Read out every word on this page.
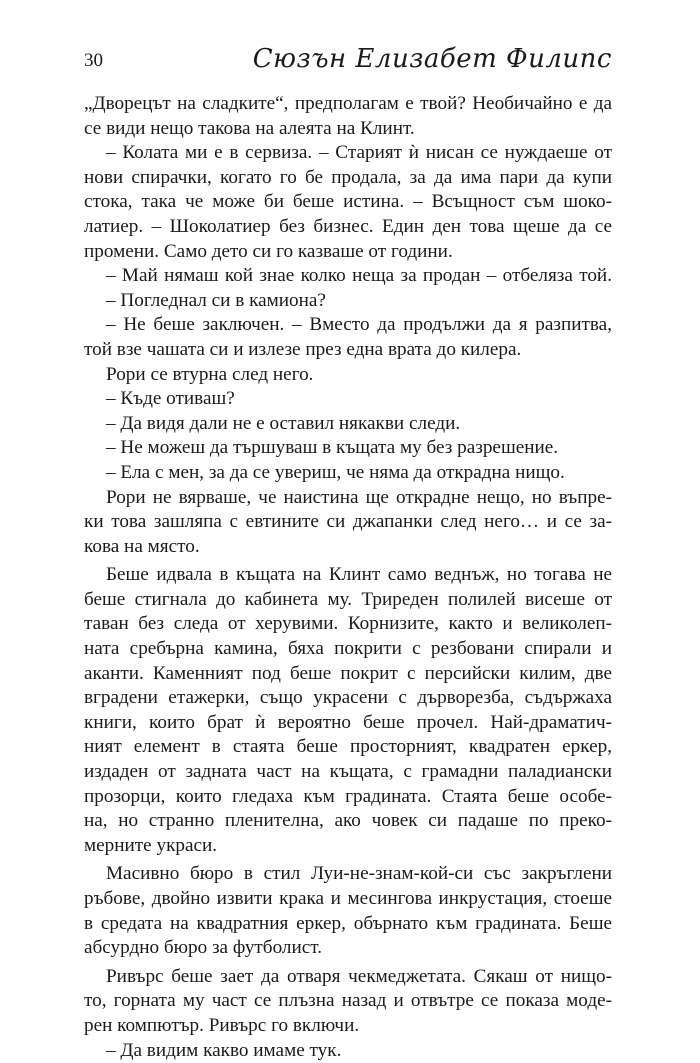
30	Сюзън Елизабет Филипс
„Дворецът на сладките“, предполагам е твой? Необичайно е да
се види нещо такова на алеята на Клинт.
– Колата ми е в сервиза. – Старият ѝ нисан се нуждаеше от
нови спирачки, когато го бе продала, за да има пари да купи
стока, така че може би беше истина. – Всъщност съм шоко-
латиер. – Шоколатиер без бизнес. Един ден това щеше да се
промени. Само дето си го казваше от години.
– Май нямаш кой знае колко неща за продан – отбеляза той.
– Погледнал си в камиона?
– Не беше заключен. – Вместо да продължи да я разпитва,
той взе чашата си и излезе през една врата до килера.
Рори се втурна след него.
– Къде отиваш?
– Да видя дали не е оставил някакви следи.
– Не можеш да тършуваш в къщата му без разрешение.
– Ела с мен, за да се увериш, че няма да открадна нищо.
Рори не вярваше, че наистина ще открадне нещо, но въпре-
ки това зашляпа с евтините си джапанки след него… и се за-
кова на място.
Беше идвала в къщата на Клинт само веднъж, но тогава не
беше стигнала до кабинета му. Триреден полилей висеше от
таван без следа от херувими. Корнизите, както и великолеп-
ната сребърна камина, бяха покрити с резбовани спирали и
аканти. Каменният под беше покрит с персийски килим, две
вградени етажерки, също украсени с дърворезба, съдържаха
книги, които брат ѝ вероятно беше прочел. Най-драматич-
ният елемент в стаята беше просторният, квадратен еркер,
издаден от задната част на къщата, с грамадни паладиански
прозорци, които гледаха към градината. Стаята беше особе-
на, но странно пленителна, ако човек си падаше по преко-
мерните украси.
Масивно бюро в стил Луи-не-знам-кой-си със закръглени
ръбове, двойно извити крака и месингова инкрустация, стоеше
в средата на квадратния еркер, обърнато към градината. Беше
абсурдно бюро за футболист.
Ривърс беше зает да отваря чекмеджетата. Сякаш от нищо-
то, горната му част се плъзна назад и отвътре се показа моде-
рен компютър. Ривърс го включи.
– Да видим какво имаме тук.
